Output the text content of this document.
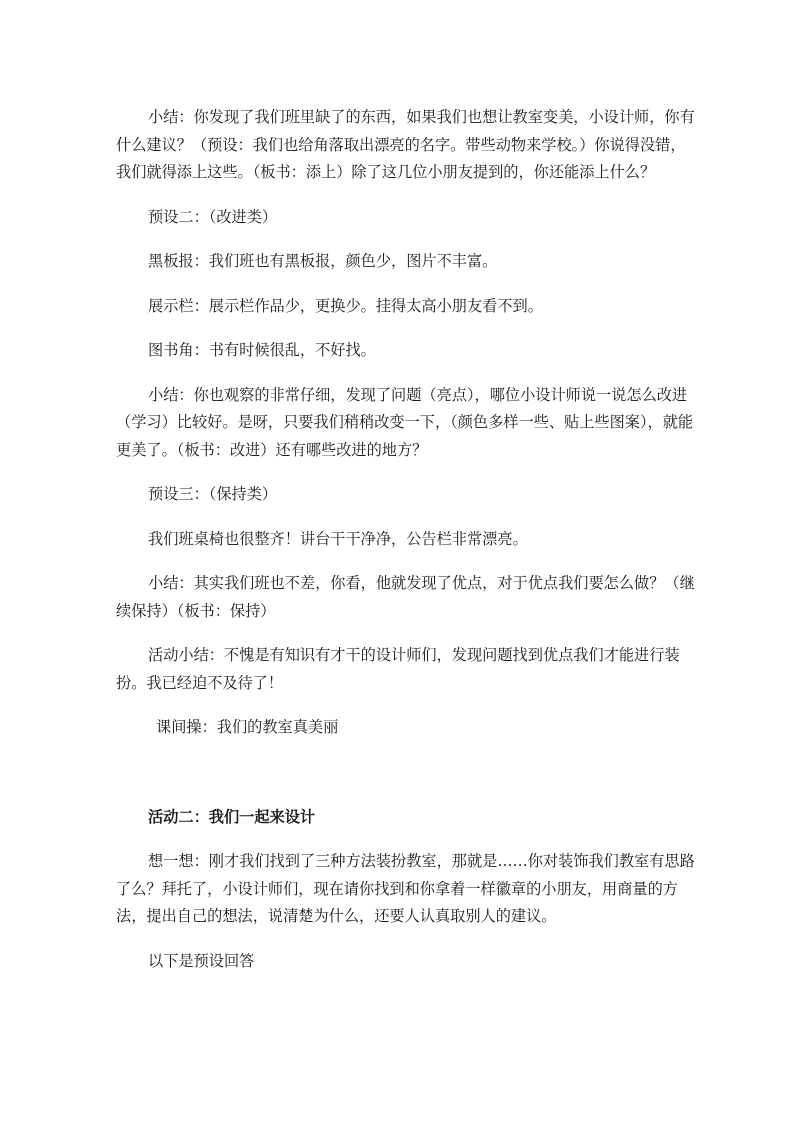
小结：你发现了我们班里缺了的东西，如果我们也想让教室变美，小设计师，你有什么建议？（预设：我们也给角落取出漂亮的名字。带些动物来学校。）你说得没错，我们就得添上这些。（板书：添上）除了这几位小朋友提到的，你还能添上什么？

预设二：（改进类）

黑板报：我们班也有黑板报，颜色少，图片不丰富。

展示栏：展示栏作品少，更换少。挂得太高小朋友看不到。

图书角：书有时候很乱，不好找。

小结：你也观察的非常仔细，发现了问题（亮点），哪位小设计师说一说怎么改进（学习）比较好。是呀，只要我们稍稍改变一下，（颜色多样一些、贴上些图案），就能更美了。（板书：改进）还有哪些改进的地方？

预设三：（保持类）

我们班桌椅也很整齐！讲台干干净净，公告栏非常漂亮。

小结：其实我们班也不差，你看，他就发现了优点，对于优点我们要怎么做？（继续保持）（板书：保持）

活动小结：不愧是有知识有才干的设计师们，发现问题找到优点我们才能进行装扮。我已经迫不及待了！

课间操：我们的教室真美丽

活动二：我们一起来设计

想一想：刚才我们找到了三种方法装扮教室，那就是……你对装饰我们教室有思路了么？拜托了，小设计师们，现在请你找到和你拿着一样徽章的小朋友，用商量的方法，提出自己的想法，说清楚为什么，还要人认真取别人的建议。

以下是预设回答
